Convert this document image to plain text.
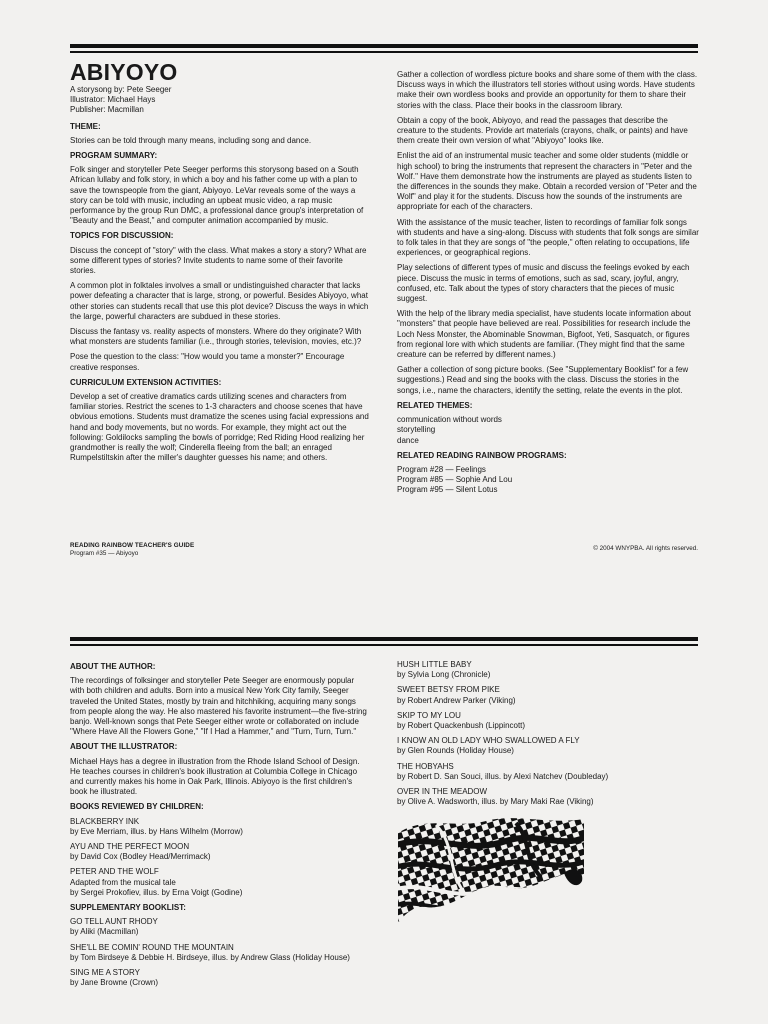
ABIYOYO
A storysong by: Pete Seeger
Illustrator: Michael Hays
Publisher: Macmillan
THEME:

Stories can be told through many means, including song and dance.

PROGRAM SUMMARY:

Folk singer and storyteller Pete Seeger performs this storysong based on a South African lullaby and folk story, in which a boy and his father come up with a plan to save the townspeople from the giant, Abiyoyo. LeVar reveals some of the ways a story can be told with music, including an upbeat music video, a rap music performance by the group Run DMC, a professional dance group's interpretation of "Beauty and the Beast," and computer animation accompanied by music.

TOPICS FOR DISCUSSION:

Discuss the concept of "story" with the class. What makes a story a story? What are some different types of stories? Invite students to name some of their favorite stories.

A common plot in folktales involves a small or undistinguished character that lacks power defeating a character that is large, strong, or powerful. Besides Abiyoyo, what other stories can students recall that use this plot device? Discuss the ways in which the large, powerful characters are subdued in these stories.

Discuss the fantasy vs. reality aspects of monsters. Where do they originate? With what monsters are students familiar (i.e., through stories, television, movies, etc.)?

Pose the question to the class: "How would you tame a monster?" Encourage creative responses.

CURRICULUM EXTENSION ACTIVITIES:

Develop a set of creative dramatics cards utilizing scenes and characters from familiar stories. Restrict the scenes to 1-3 characters and choose scenes that have obvious emotions. Students must dramatize the scenes using facial expressions and hand and body movements, but no words. For example, they might act out the following: Goldilocks sampling the bowls of porridge; Red Riding Hood realizing her grandmother is really the wolf; Cinderella fleeing from the ball; an enraged Rumpelstiltskin after the miller's daughter guesses his name; and others.

Gather a collection of wordless picture books and share some of them with the class. Discuss ways in which the illustrators tell stories without using words. Have students make their own wordless books and provide an opportunity for them to share their stories with the class. Place their books in the classroom library.

Obtain a copy of the book, Abiyoyo, and read the passages that describe the creature to the students. Provide art materials (crayons, chalk, or paints) and have them create their own version of what "Abiyoyo" looks like.

Enlist the aid of an instrumental music teacher and some older students (middle or high school) to bring the instruments that represent the characters in "Peter and the Wolf." Have them demonstrate how the instruments are played as students listen to the differences in the sounds they make. Obtain a recorded version of "Peter and the Wolf" and play it for the students. Discuss how the sounds of the instruments are appropriate for each of the characters.

With the assistance of the music teacher, listen to recordings of familiar folk songs with students and have a sing-along. Discuss with students that folk songs are similar to folk tales in that they are songs of "the people," often relating to occupations, life experiences, or geographical regions.

Play selections of different types of music and discuss the feelings evoked by each piece. Discuss the music in terms of emotions, such as sad, scary, joyful, angry, confused, etc. Talk about the types of story characters that the pieces of music suggest.

With the help of the library media specialist, have students locate information about "monsters" that people have believed are real. Possibilities for research include the Loch Ness Monster, the Abominable Snowman, Bigfoot, Yeti, Sasquatch, or figures from regional lore with which students are familiar. (They might find that the same creature can be referred by different names.)

Gather a collection of song picture books. (See "Supplementary Booklist" for a few suggestions.) Read and sing the books with the class. Discuss the stories in the songs, i.e., name the characters, identify the setting, relate the events in the plot.

RELATED THEMES:
communication without words
storytelling
dance
RELATED READING RAINBOW PROGRAMS:
Program #28 — Feelings
Program #85 — Sophie And Lou
Program #95 — Silent Lotus
READING RAINBOW TEACHER'S GUIDE
Program #35 — Abiyoyo
© 2004 WNYPBA. All rights reserved.
ABOUT THE AUTHOR:

The recordings of folksinger and storyteller Pete Seeger are enormously popular with both children and adults. Born into a musical New York City family, Seeger traveled the United States, mostly by train and hitchhiking, acquiring many songs from people along the way. He also mastered his favorite instrument—the five-string banjo. Well-known songs that Pete Seeger either wrote or collaborated on include "Where Have All the Flowers Gone," "If I Had a Hammer," and "Turn, Turn, Turn."

ABOUT THE ILLUSTRATOR:

Michael Hays has a degree in illustration from the Rhode Island School of Design. He teaches courses in children's book illustration at Columbia College in Chicago and currently makes his home in Oak Park, Illinois. Abiyoyo is the first children's book he illustrated.

BOOKS REVIEWED BY CHILDREN:
BLACKBERRY INK
by Eve Merriam, illus. by Hans Wilhelm (Morrow)
AYU AND THE PERFECT MOON
by David Cox (Bodley Head/Merrimack)
PETER AND THE WOLF
Adapted from the musical tale
by Sergei Prokofiev, illus. by Erna Voigt (Godine)
SUPPLEMENTARY BOOKLIST:
GO TELL AUNT RHODY
by Aliki (Macmillan)
SHE'LL BE COMIN' ROUND THE MOUNTAIN
by Tom Birdseye & Debbie H. Birdseye, illus. by Andrew Glass (Holiday House)
SING ME A STORY
by Jane Browne (Crown)
HUSH LITTLE BABY
by Sylvia Long (Chronicle)
SWEET BETSY FROM PIKE
by Robert Andrew Parker (Viking)
SKIP TO MY LOU
by Robert Quackenbush (Lippincott)
I KNOW AN OLD LADY WHO SWALLOWED A FLY
by Glen Rounds (Holiday House)
THE HOBYAHS
by Robert D. San Souci, illus. by Alexi Natchev (Doubleday)
OVER IN THE MEADOW
by Olive A. Wadsworth, illus. by Mary Maki Rae (Viking)
